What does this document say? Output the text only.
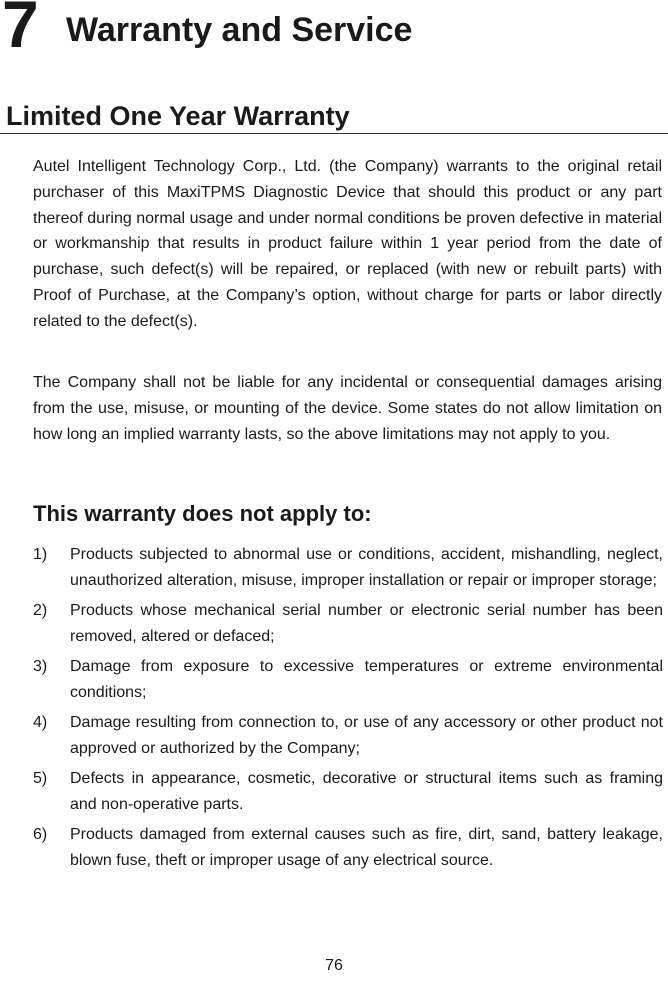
7 Warranty and Service
Limited One Year Warranty

Autel Intelligent Technology Corp., Ltd. (the Company) warrants to the original retail purchaser of this MaxiTPMS Diagnostic Device that should this product or any part thereof during normal usage and under normal conditions be proven defective in material or workmanship that results in product failure within 1 year period from the date of purchase, such defect(s) will be repaired, or replaced (with new or rebuilt parts) with Proof of Purchase, at the Company’s option, without charge for parts or labor directly related to the defect(s).

The Company shall not be liable for any incidental or consequential damages arising from the use, misuse, or mounting of the device. Some states do not allow limitation on how long an implied warranty lasts, so the above limitations may not apply to you.

This warranty does not apply to:
1) Products subjected to abnormal use or conditions, accident, mishandling, neglect, unauthorized alteration, misuse, improper installation or repair or improper storage;
2) Products whose mechanical serial number or electronic serial number has been removed, altered or defaced;
3) Damage from exposure to excessive temperatures or extreme environmental conditions;
4) Damage resulting from connection to, or use of any accessory or other product not approved or authorized by the Company;
5) Defects in appearance, cosmetic, decorative or structural items such as framing and non-operative parts.
6) Products damaged from external causes such as fire, dirt, sand, battery leakage, blown fuse, theft or improper usage of any electrical source.
76
